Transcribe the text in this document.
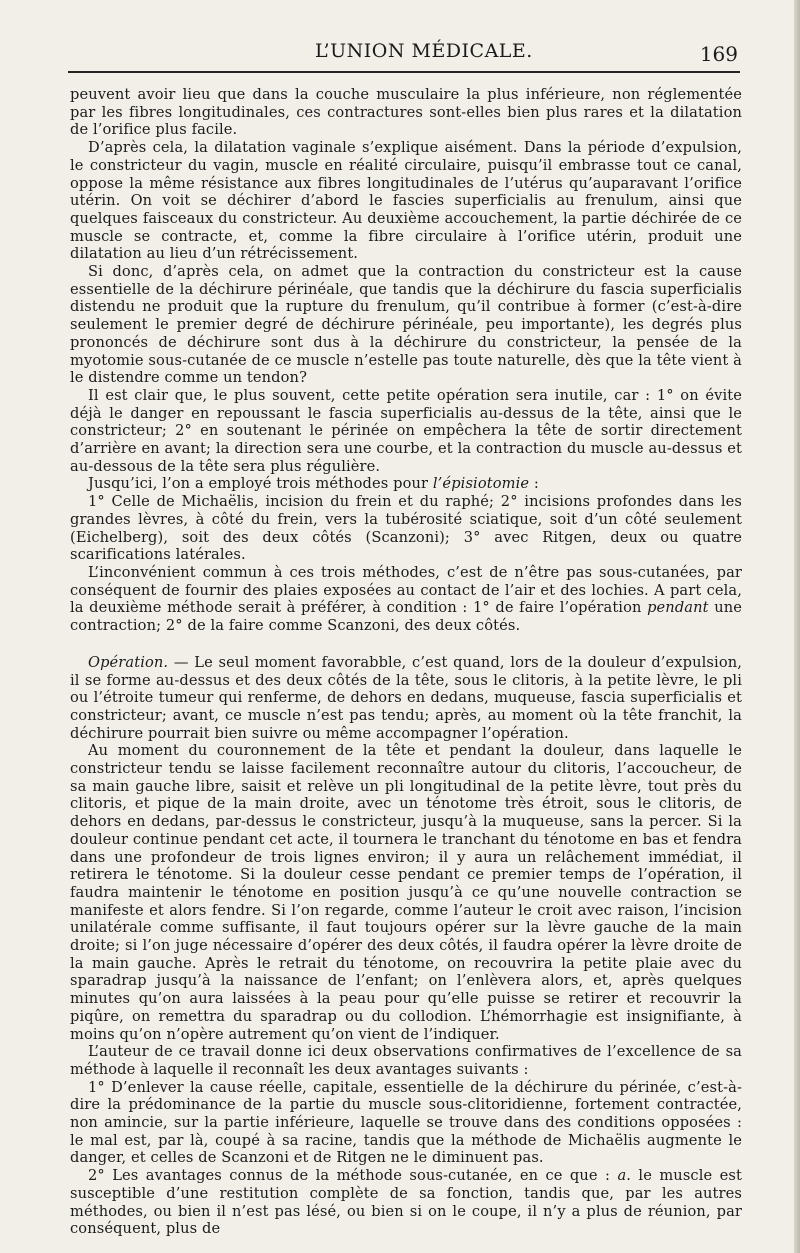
L’UNION MÉDICALE.	169

peuvent avoir lieu que dans la couche musculaire la plus inférieure, non réglementée par les fibres longitudinales, ces contractures sont-elles bien plus rares et la dilatation de l’orifice plus facile.

D’après cela, la dilatation vaginale s’explique aisément. Dans la période d’expulsion, le constricteur du vagin, muscle en réalité circulaire, puisqu’il embrasse tout ce canal, oppose la même résistance aux fibres longitudinales de l’utérus qu’auparavant l’orifice utérin. On voit se déchirer d’abord le fascies superficialis au frenulum, ainsi que quelques faisceaux du constricteur. Au deuxième accouchement, la partie déchirée de ce muscle se contracte, et, comme la fibre circulaire à l’orifice utérin, produit une dilatation au lieu d’un rétrécissement.

Si donc, d’après cela, on admet que la contraction du constricteur est la cause essentielle de la déchirure périnéale, que tandis que la déchirure du fascia superficialis distendu ne produit que la rupture du frenulum, qu’il contribue à former (c’est-à-dire seulement le premier degré de déchirure périnéale, peu importante), les degrés plus prononcés de déchirure sont dus à la déchirure du constricteur, la pensée de la myotomie sous-cutanée de ce muscle n’estelle pas toute naturelle, dès que la tête vient à le distendre comme un tendon?

Il est clair que, le plus souvent, cette petite opération sera inutile, car : 1° on évite déjà le danger en repoussant le fascia superficialis au-dessus de la tête, ainsi que le constricteur; 2° en soutenant le périnée on empêchera la tête de sortir directement d’arrière en avant; la direction sera une courbe, et la contraction du muscle au-dessus et au-dessous de la tête sera plus régulière.

Jusqu’ici, l’on a employé trois méthodes pour l’épisiotomie :

1° Celle de Michaëlis, incision du frein et du raphé; 2° incisions profondes dans les grandes lèvres, à côté du frein, vers la tubérosité sciatique, soit d’un côté seulement (Eichelberg), soit des deux côtés (Scanzoni); 3° avec Ritgen, deux ou quatre scarifications latérales.

L’inconvénient commun à ces trois méthodes, c’est de n’être pas sous-cutanées, par conséquent de fournir des plaies exposées au contact de l’air et des lochies. A part cela, la deuxième méthode serait à préférer, à condition : 1° de faire l’opération pendant une contraction; 2° de la faire comme Scanzoni, des deux côtés.

Opération. — Le seul moment favorabble, c’est quand, lors de la douleur d’expulsion, il se forme au-dessus et des deux côtés de la tête, sous le clitoris, à la petite lèvre, le pli ou l’étroite tumeur qui renferme, de dehors en dedans, muqueuse, fascia superficialis et constricteur; avant, ce muscle n’est pas tendu; après, au moment où la tête franchit, la déchirure pourrait bien suivre ou même accompagner l’opération.

Au moment du couronnement de la tête et pendant la douleur, dans laquelle le constricteur tendu se laisse facilement reconnaître autour du clitoris, l’accoucheur, de sa main gauche libre, saisit et relève un pli longitudinal de la petite lèvre, tout près du clitoris, et pique de la main droite, avec un ténotome très étroit, sous le clitoris, de dehors en dedans, par-dessus le constricteur, jusqu’à la muqueuse, sans la percer. Si la douleur continue pendant cet acte, il tournera le tranchant du ténotome en bas et fendra dans une profondeur de trois lignes environ; il y aura un relâchement immédiat, il retirera le ténotome. Si la douleur cesse pendant ce premier temps de l’opération, il faudra maintenir le ténotome en position jusqu’à ce qu’une nouvelle contraction se manifeste et alors fendre. Si l’on regarde, comme l’auteur le croit avec raison, l’incision unilatérale comme suffisante, il faut toujours opérer sur la lèvre gauche de la main droite; si l’on juge nécessaire d’opérer des deux côtés, il faudra opérer la lèvre droite de la main gauche. Après le retrait du ténotome, on recouvrira la petite plaie avec du sparadrap jusqu’à la naissance de l’enfant; on l’enlèvera alors, et, après quelques minutes qu’on aura laissées à la peau pour qu’elle puisse se retirer et recouvrir la piqûre, on remettra du sparadrap ou du collodion. L’hémorrhagie est insignifiante, à moins qu’on n’opère autrement qu’on vient de l’indiquer.

L’auteur de ce travail donne ici deux observations confirmatives de l’excellence de sa méthode à laquelle il reconnaît les deux avantages suivants :

1° D’enlever la cause réelle, capitale, essentielle de la déchirure du périnée, c’est-à-dire la prédominance de la partie du muscle sous-clitoridienne, fortement contractée, non amincie, sur la partie inférieure, laquelle se trouve dans des conditions opposées : le mal est, par là, coupé à sa racine, tandis que la méthode de Michaëlis augmente le danger, et celles de Scanzoni et de Ritgen ne le diminuent pas.

2° Les avantages connus de la méthode sous-cutanée, en ce que : a. le muscle est susceptible d’une restitution complète de sa fonction, tandis que, par les autres méthodes, ou bien il n’est pas lésé, ou bien si on le coupe, il n’y a plus de réunion, par conséquent, plus de
